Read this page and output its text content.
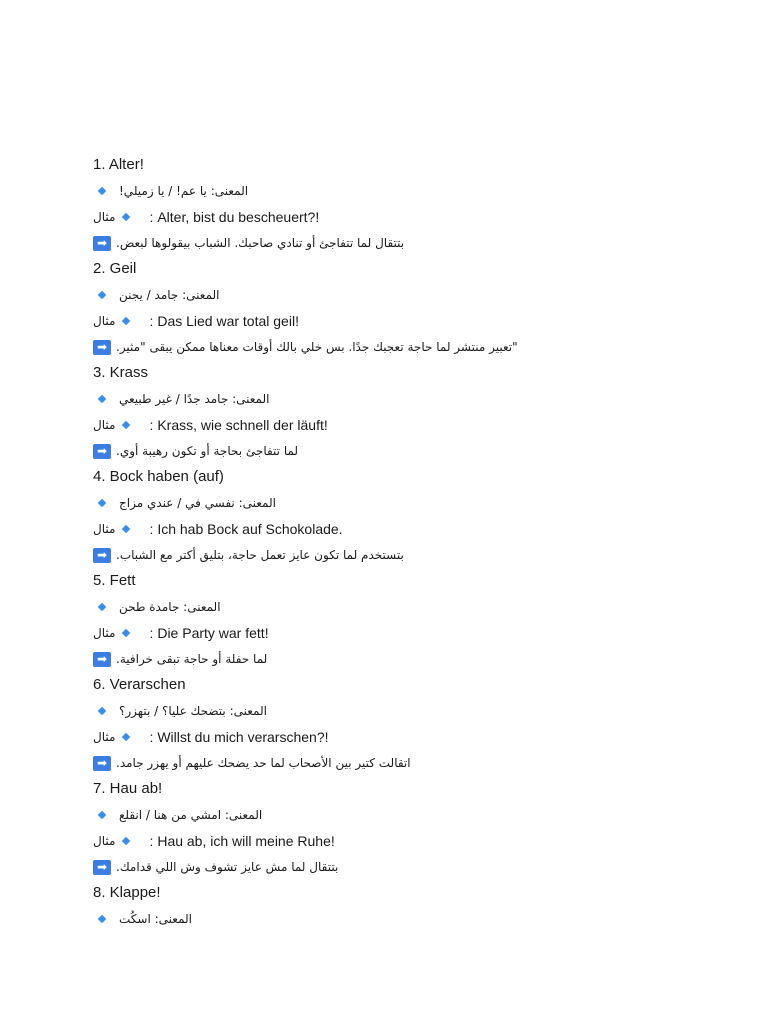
1. Alter!
المعنى: يا عم! / يا زميلي!
مثال : Alter, bist du bescheuert?!
➡ بتتقال لما تتفاجئ أو تنادي صاحبك. الشباب بيقولوها لبعض.
2. Geil
المعنى: جامد / يجنن
مثال : Das Lied war total geil!
➡ "تعبير منتشر لما حاجة تعجبك جدًا. بس خلي بالك أوقات معناها ممكن يبقى "مثير.
3. Krass
المعنى: جامد جدًا / غير طبيعي
مثال : Krass, wie schnell der läuft!
➡ لما تتفاجئ بحاجة أو تكون رهيبة أوي.
4. Bock haben (auf)
المعنى: نفسي في / عندي مزاج
مثال : Ich hab Bock auf Schokolade.
➡ بتستخدم لما تكون عايز تعمل حاجة، بتليق أكتر مع الشباب.
5. Fett
المعنى: جامدة طحن
مثال : Die Party war fett!
➡ لما حفلة أو حاجة تبقى خرافية.
6. Verarschen
المعنى: بتضحك عليا؟ / بتهزر؟
مثال : Willst du mich verarschen?!
➡ اتقالت كتير بين الأصحاب لما حد يضحك عليهم أو يهزر جامد.
7. Hau ab!
المعنى: امشي من هنا / انقلع
مثال : Hau ab, ich will meine Ruhe!
➡ بتتقال لما مش عايز تشوف وش اللي قدامك.
8. Klappe!
المعنى: اسكُت
